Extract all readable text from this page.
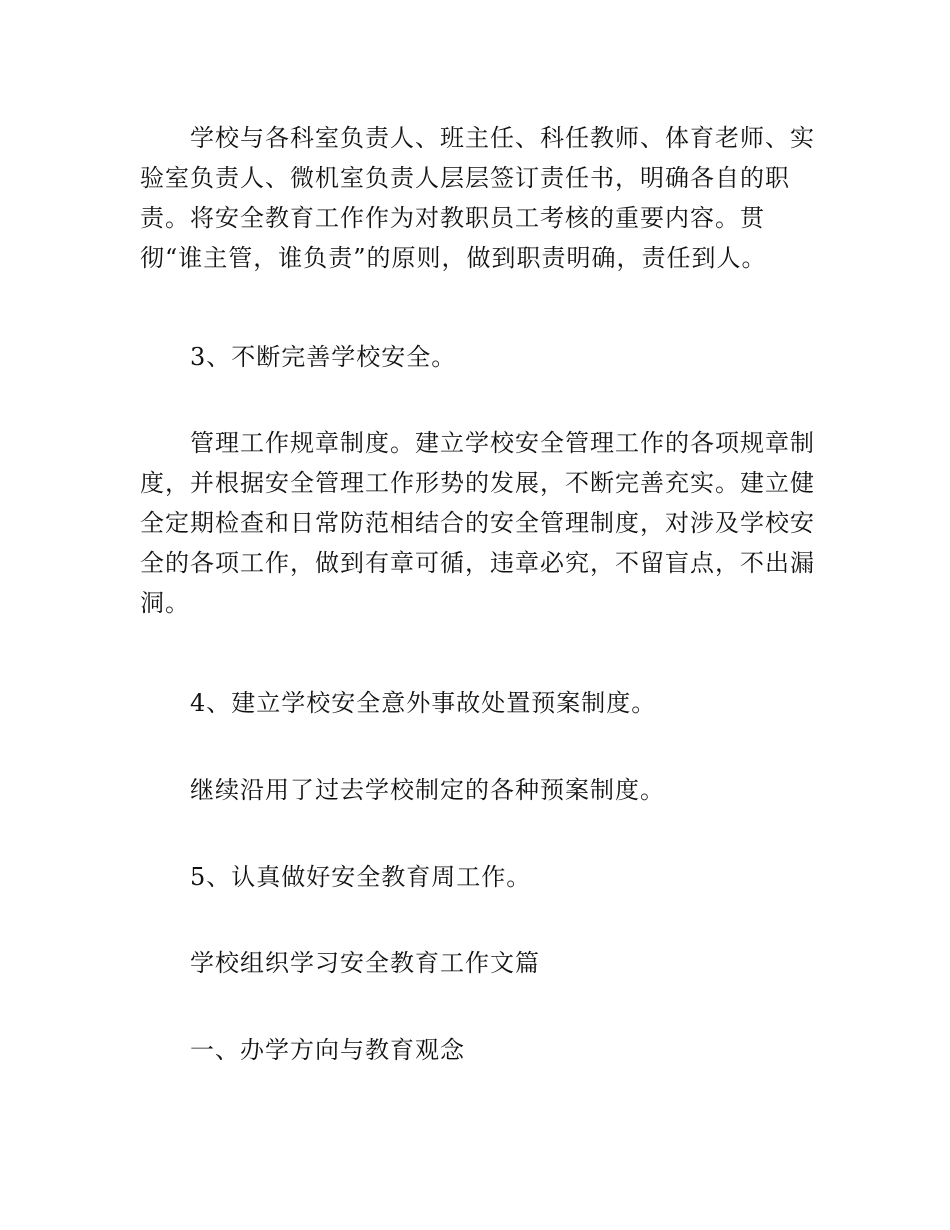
学校与各科室负责人、班主任、科任教师、体育老师、实
验室负责人、微机室负责人层层签订责任书，明确各自的职
责。将安全教育工作作为对教职员工考核的重要内容。贯
彻“谁主管，谁负责”的原则，做到职责明确，责任到人。
3、不断完善学校安全。
管理工作规章制度。建立学校安全管理工作的各项规章制
度，并根据安全管理工作形势的发展，不断完善充实。建立健
全定期检查和日常防范相结合的安全管理制度，对涉及学校安
全的各项工作，做到有章可循，违章必究，不留盲点，不出漏
洞。
4、建立学校安全意外事故处置预案制度。
继续沿用了过去学校制定的各种预案制度。
5、认真做好安全教育周工作。
学校组织学习安全教育工作文篇
一、办学方向与教育观念
